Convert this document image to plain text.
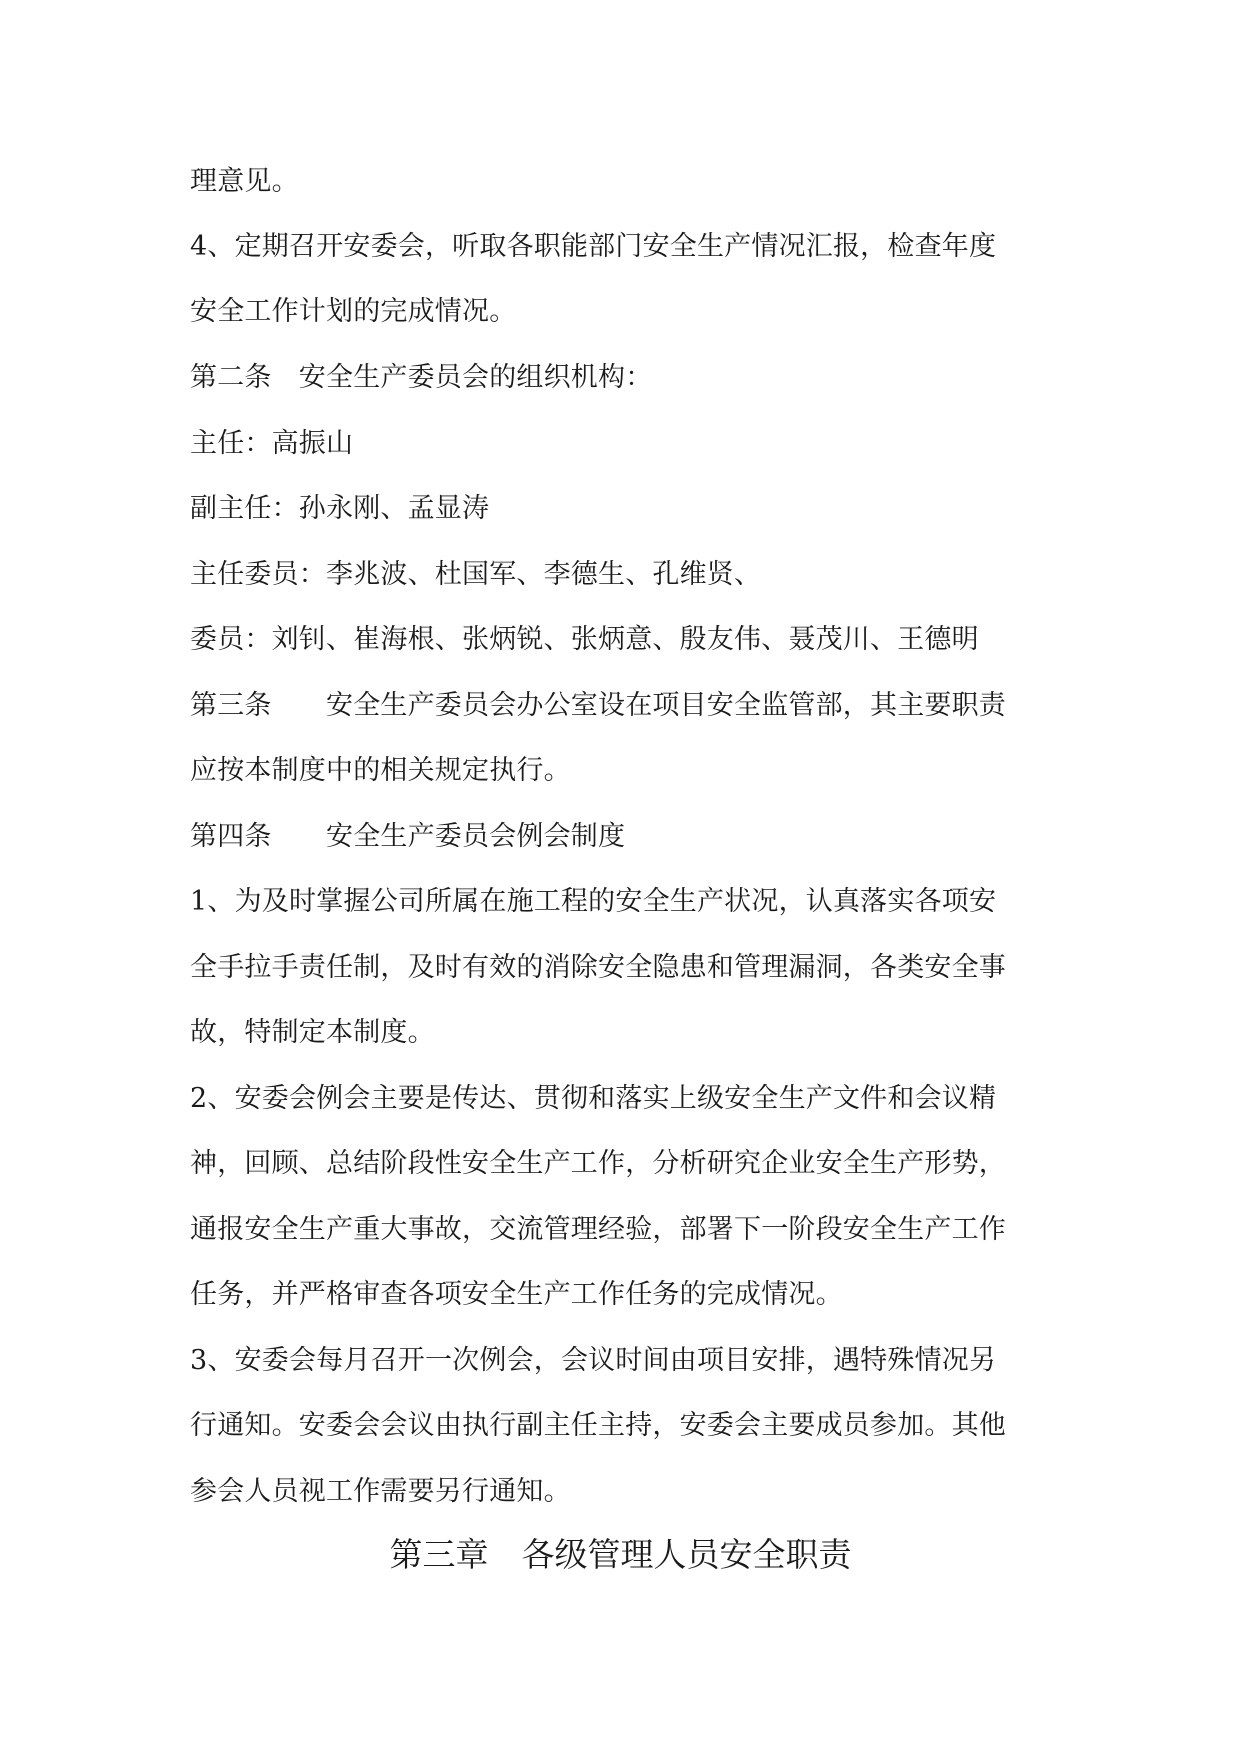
理意见。
4、定期召开安委会，听取各职能部门安全生产情况汇报，检查年度
安全工作计划的完成情况。
第二条　安全生产委员会的组织机构：
主任：高振山
副主任：孙永刚、孟显涛
主任委员：李兆波、杜国军、李德生、孔维贤、
委员：刘钊、崔海根、张炳锐、张炳意、殷友伟、聂茂川、王德明
第三条　　安全生产委员会办公室设在项目安全监管部，其主要职责
应按本制度中的相关规定执行。
第四条　　安全生产委员会例会制度
1、为及时掌握公司所属在施工程的安全生产状况，认真落实各项安
全手拉手责任制，及时有效的消除安全隐患和管理漏洞，各类安全事
故，特制定本制度。
2、安委会例会主要是传达、贯彻和落实上级安全生产文件和会议精
神，回顾、总结阶段性安全生产工作，分析研究企业安全生产形势，
通报安全生产重大事故，交流管理经验，部署下一阶段安全生产工作
任务，并严格审查各项安全生产工作任务的完成情况。
3、安委会每月召开一次例会，会议时间由项目安排，遇特殊情况另
行通知。安委会会议由执行副主任主持，安委会主要成员参加。其他
参会人员视工作需要另行通知。
第三章　各级管理人员安全职责
